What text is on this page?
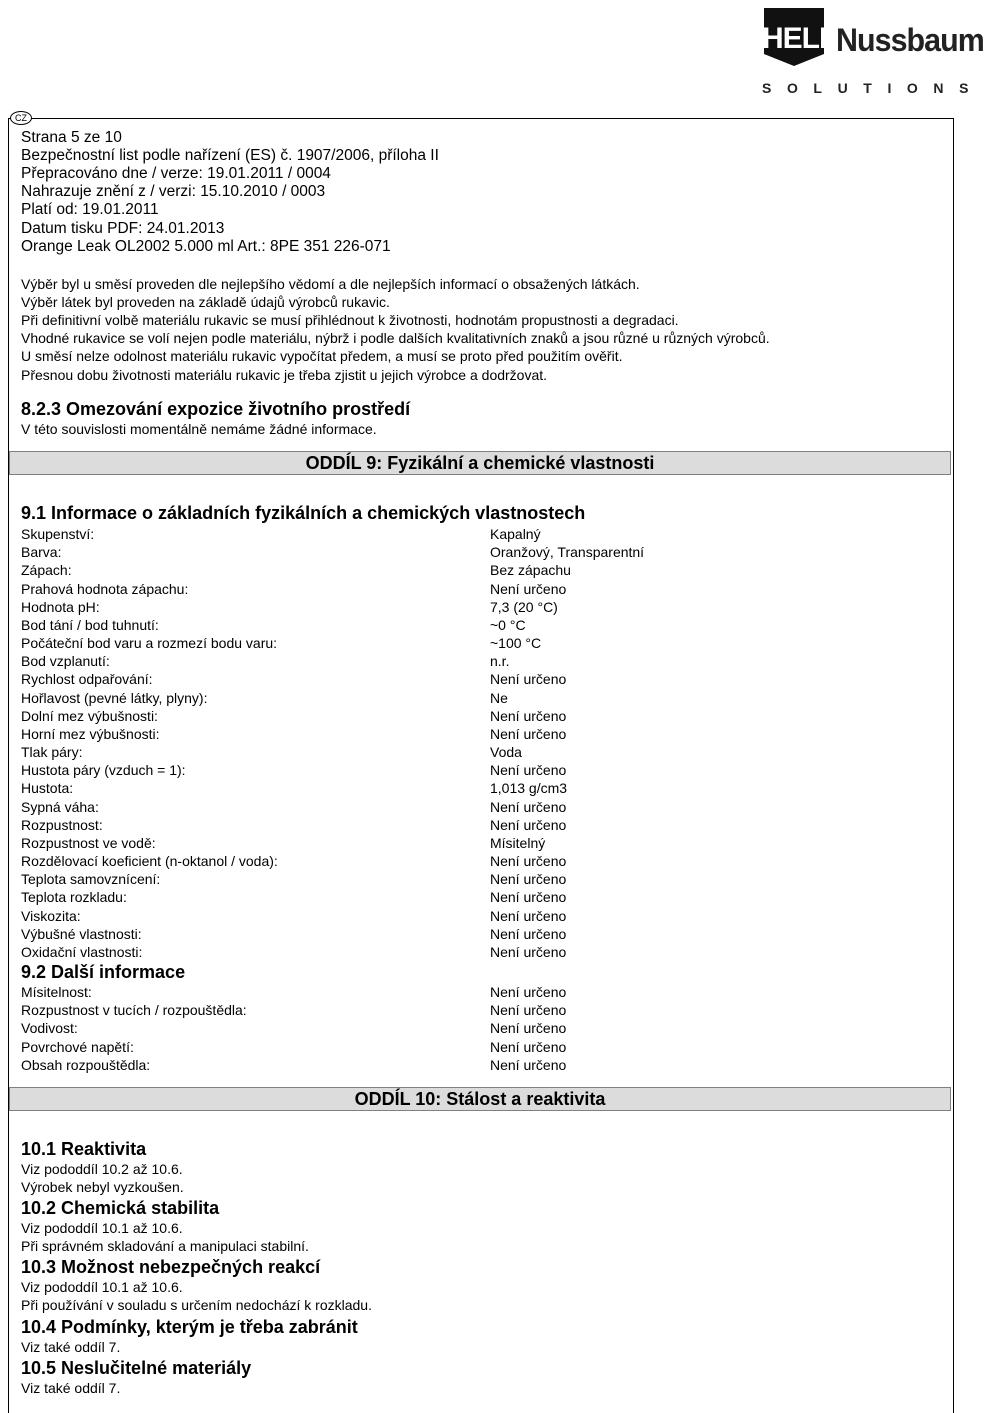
HELLA
Nussbaum
SOLUTIONS
CZ
Strana 5 ze 10
Bezpečnostní list podle nařízení (ES) č. 1907/2006, příloha II
Přepracováno dne / verze: 19.01.2011 / 0004
Nahrazuje znění z / verzi: 15.10.2010 / 0003
Platí od: 19.01.2011
Datum tisku PDF: 24.01.2013
Orange Leak OL2002 5.000 ml Art.: 8PE 351 226-071
Výběr byl u směsí proveden dle nejlepšího vědomí a dle nejlepších informací o obsažených látkách.
Výběr látek byl proveden na základě údajů výrobců rukavic.
Při definitivní volbě materiálu rukavic se musí přihlédnout k životnosti, hodnotám propustnosti a degradaci.
Vhodné rukavice se volí nejen podle materiálu, nýbrž i podle dalších kvalitativních znaků a jsou různé u různých výrobců.
U směsí nelze odolnost materiálu rukavic vypočítat předem, a musí se proto před použitím ověřit.
Přesnou dobu životnosti materiálu rukavic je třeba zjistit u jejich výrobce a dodržovat.
8.2.3 Omezování expozice životního prostředí
V této souvislosti momentálně nemáme žádné informace.
ODDÍL 9: Fyzikální a chemické vlastnosti
9.1 Informace o základních fyzikálních a chemických vlastnostech
Skupenství:	Kapalný
Barva:	Oranžový, Transparentní
Zápach:	Bez zápachu
Prahová hodnota zápachu:	Není určeno
Hodnota pH:	7,3 (20 °C)
Bod tání / bod tuhnutí:	~0 °C
Počáteční bod varu a rozmezí bodu varu:	~100 °C
Bod vzplanutí:	n.r.
Rychlost odpařování:	Není určeno
Hořlavost (pevné látky, plyny):	Ne
Dolní mez výbušnosti:	Není určeno
Horní mez výbušnosti:	Není určeno
Tlak páry:	Voda
Hustota páry (vzduch = 1):	Není určeno
Hustota:	1,013 g/cm3
Sypná váha:	Není určeno
Rozpustnost:	Není určeno
Rozpustnost ve vodě:	Mísitelný
Rozdělovací koeficient (n-oktanol / voda):	Není určeno
Teplota samovznícení:	Není určeno
Teplota rozkladu:	Není určeno
Viskozita:	Není určeno
Výbušné vlastnosti:	Není určeno
Oxidační vlastnosti:	Není určeno
9.2 Další informace
Mísitelnost:	Není určeno
Rozpustnost v tucích / rozpouštědla:	Není určeno
Vodivost:	Není určeno
Povrchové napětí:	Není určeno
Obsah rozpouštědla:	Není určeno
ODDÍL 10: Stálost a reaktivita
10.1 Reaktivita
Viz pododdíl 10.2 až 10.6.
Výrobek nebyl vyzkoušen.
10.2 Chemická stabilita
Viz pododdíl 10.1 až 10.6.
Při správném skladování a manipulaci stabilní.
10.3 Možnost nebezpečných reakcí
Viz pododdíl 10.1 až 10.6.
Při používání v souladu s určením nedochází k rozkladu.
10.4 Podmínky, kterým je třeba zabránit
Viz také oddíl 7.
10.5 Neslučitelné materiály
Viz také oddíl 7.
